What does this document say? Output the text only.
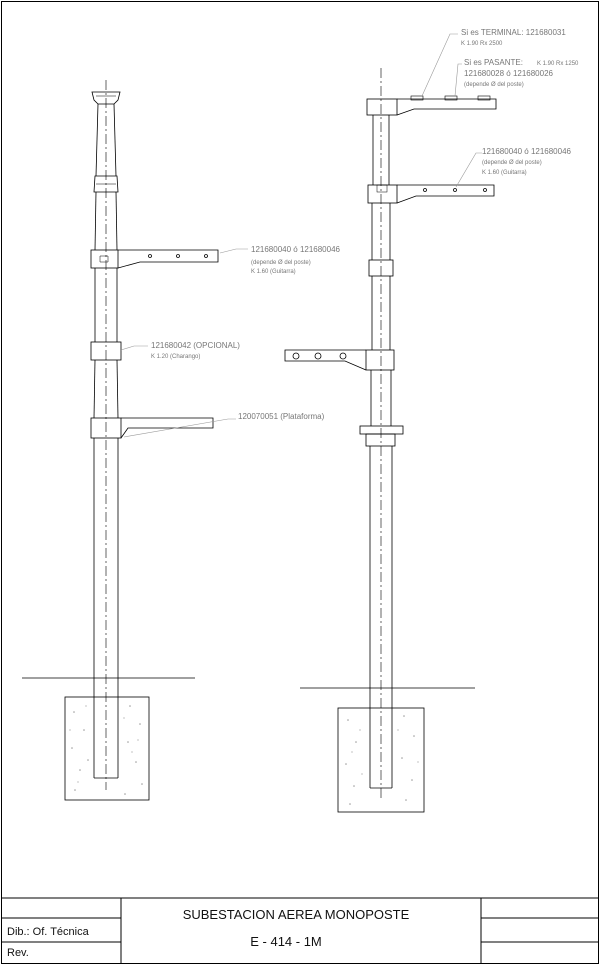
121680040 ó 121680046
(depende Ø del poste)
K 1.60 (Guitarra)
121680042 (OPCIONAL)
K 1.20 (Charango)
120070051 (Plataforma)
Si es TERMINAL: 121680031
K 1.90 Rx 2500
Si es PASANTE: K 1.90 Rx 1250
121680028 ó 121680026
(depende Ø del poste)
121680040 ó 121680046
(depende Ø del poste)
K 1.60 (Guitarra)
SUBESTACION AEREA MONOPOSTE
E - 414 - 1M
Dib.: Of. Técnica
Rev.
